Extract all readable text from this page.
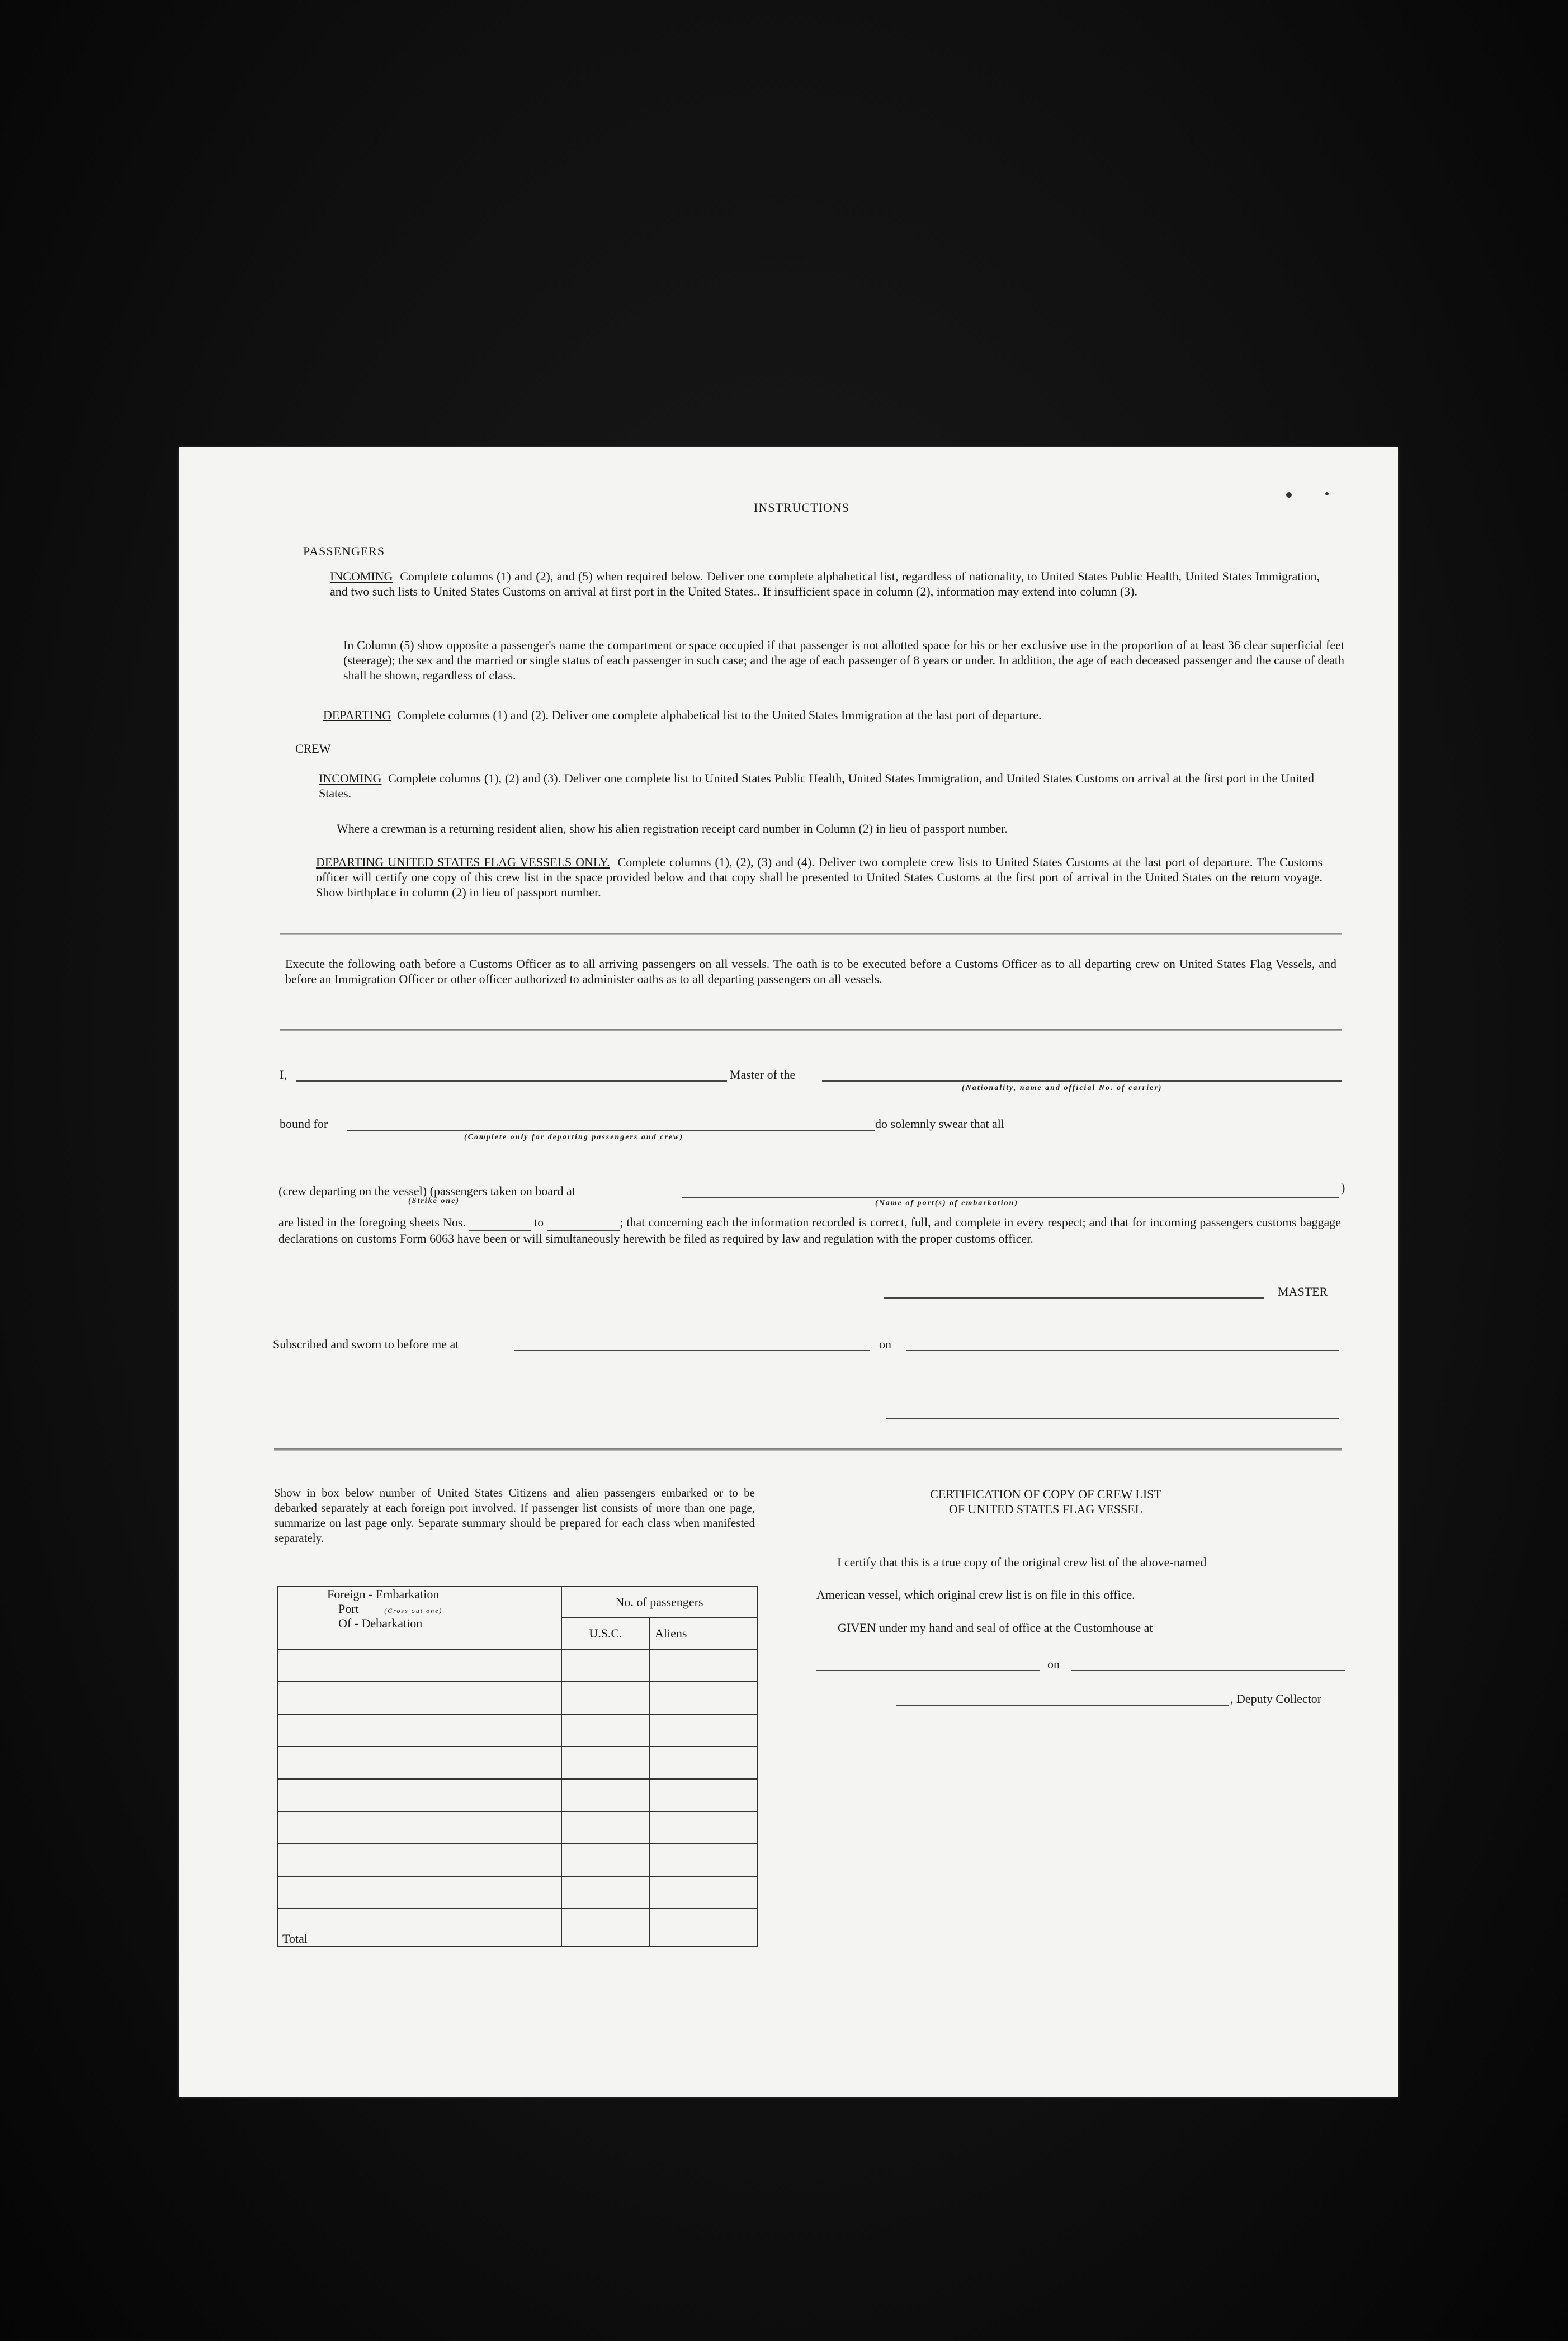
INSTRUCTIONS
PASSENGERS
INCOMING Complete columns (1) and (2), and (5) when required below. Deliver one complete alphabetical list, regardless of nationality, to United States Public Health, United States Immigration, and two such lists to United States Customs on arrival at first port in the United States.. If insufficient space in column (2), information may extend into column (3).
In Column (5) show opposite a passenger's name the compartment or space occupied if that passenger is not allotted space for his or her exclusive use in the proportion of at least 36 clear superficial feet (steerage); the sex and the married or single status of each passenger in such case; and the age of each passenger of 8 years or under. In addition, the age of each deceased passenger and the cause of death shall be shown, regardless of class.
DEPARTING Complete columns (1) and (2). Deliver one complete alphabetical list to the United States Immigration at the last port of departure.
CREW
INCOMING Complete columns (1), (2) and (3). Deliver one complete list to United States Public Health, United States Immigration, and United States Customs on arrival at the first port in the United States.
Where a crewman is a returning resident alien, show his alien registration receipt card number in Column (2) in lieu of passport number.
DEPARTING UNITED STATES FLAG VESSELS ONLY. Complete columns (1), (2), (3) and (4). Deliver two complete crew lists to United States Customs at the last port of departure. The Customs officer will certify one copy of this crew list in the space provided below and that copy shall be presented to United States Customs at the first port of arrival in the United States on the return voyage. Show birthplace in column (2) in lieu of passport number.
Execute the following oath before a Customs Officer as to all arriving passengers on all vessels. The oath is to be executed before a Customs Officer as to all departing crew on United States Flag Vessels, and before an Immigration Officer or other officer authorized to administer oaths as to all departing passengers on all vessels.
I,	Master of the
(Nationality, name and official No. of carrier)
bound for
(Complete only for departing passengers and crew)
do solemnly swear that all
(crew departing on the vessel) (passengers taken on board at
(Strike one)
)
(Name of port(s) of embarkation)
are listed in the foregoing sheets Nos.	to	; that concerning each the information recorded is correct, full, and complete in every respect; and that for incoming passengers customs baggage declarations on customs Form 6063 have been or will simultaneously herewith be filed as required by law and regulation with the proper customs officer.
MASTER
Subscribed and sworn to before me at	on
Show in box below number of United States Citizens and alien passengers embarked or to be debarked separately at each foreign port involved. If passenger list consists of more than one page, summarize on last page only. Separate summary should be prepared for each class when manifested separately.
Foreign - Embarkation
Port (Cross out one)
Of - Debarkation	No. of passengers	
	U.S.C.	Aliens

Total		
CERTIFICATION OF COPY OF CREW LIST
OF UNITED STATES FLAG VESSEL
I certify that this is a true copy of the original crew list of the above-named
American vessel, which original crew list is on file in this office.
GIVEN under my hand and seal of office at the Customhouse at
on
, Deputy Collector
